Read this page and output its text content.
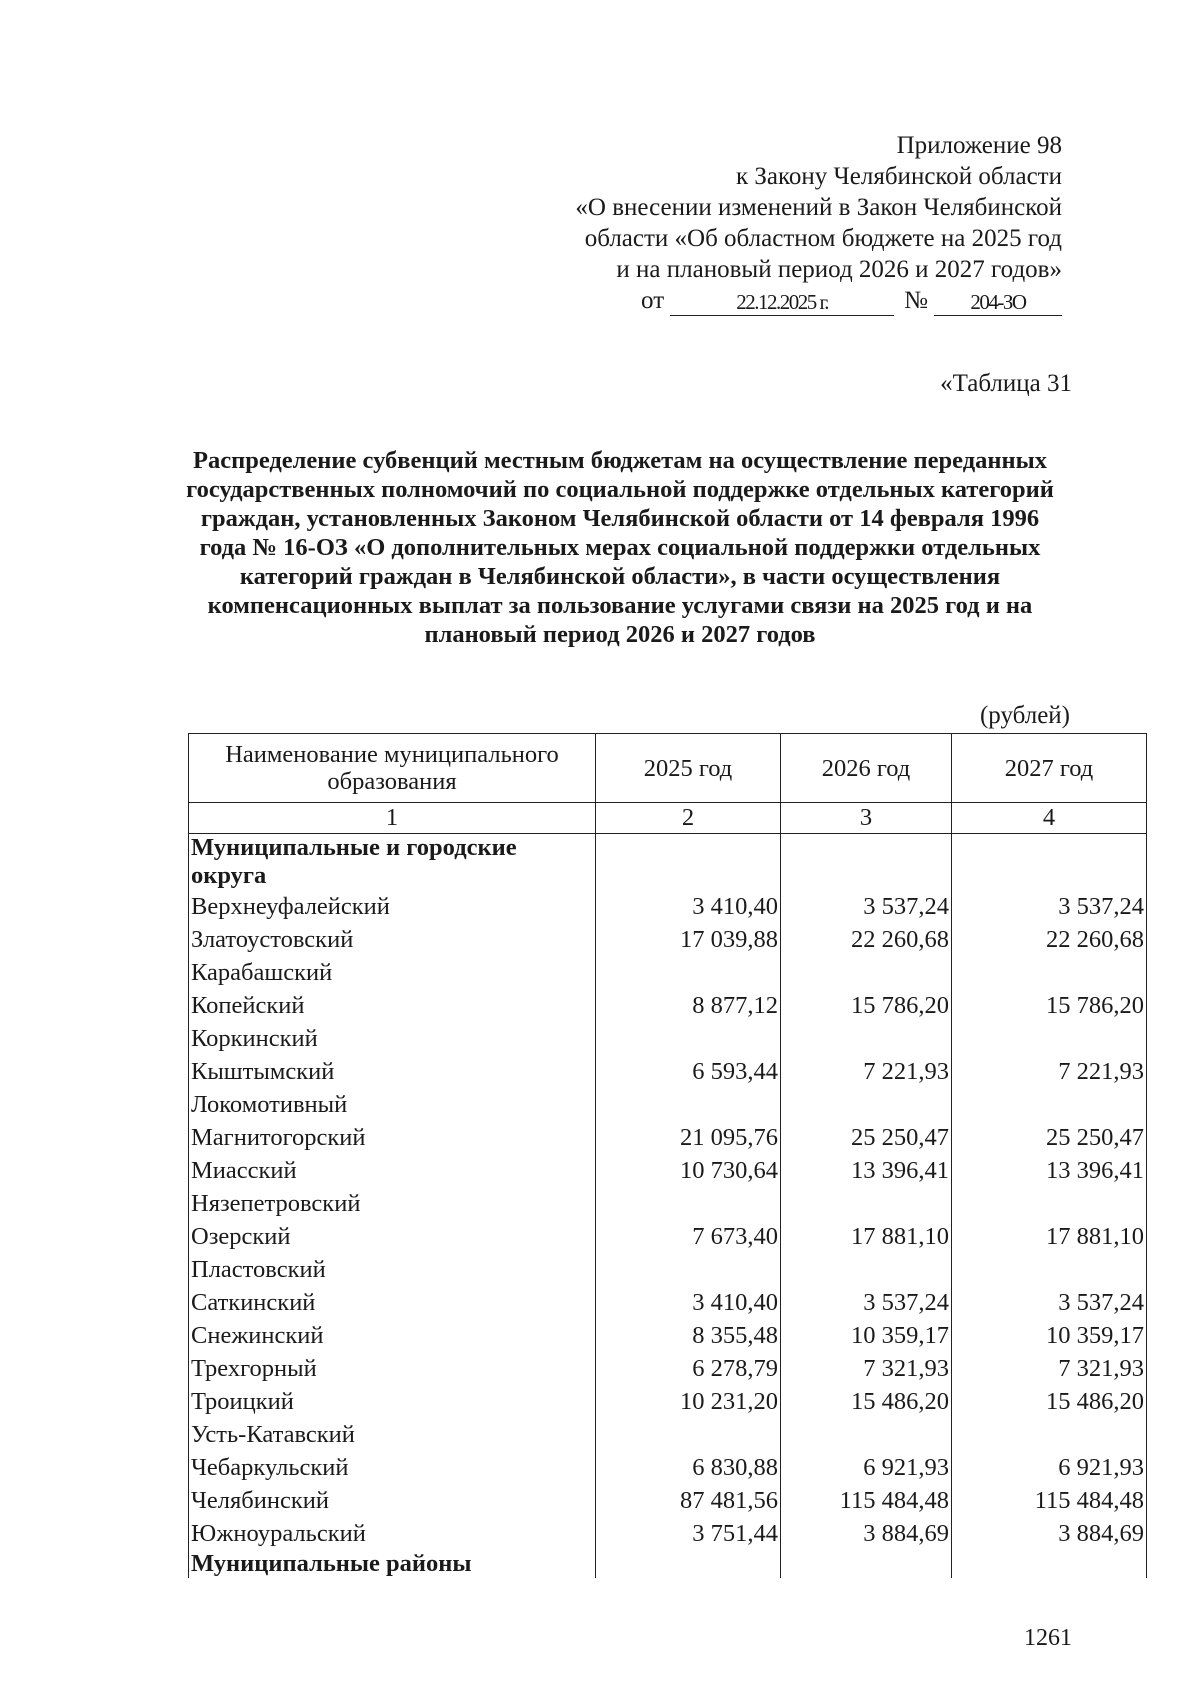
Приложение 98
к Закону Челябинской области
«О внесении изменений в Закон Челябинской
области «Об областном бюджете на 2025 год
и на плановый период 2026 и 2027 годов»
от	22.12.2025 г.	№	204-ЗО
«Таблица 31
Распределение субвенций местным бюджетам на осуществление переданных государственных полномочий по социальной поддержке отдельных категорий граждан, установленных Законом Челябинской области от 14 февраля 1996 года № 16-ОЗ «О дополнительных мерах социальной поддержки отдельных категорий граждан в Челябинской области», в части осуществления компенсационных выплат за пользование услугами связи на 2025 год и на плановый период 2026 и 2027 годов
(рублей)
Наименование муниципального образования	2025 год	2026 год	2027 год
1	2	3	4
Муниципальные и городские округа			
Верхнеуфалейский	3 410,40	3 537,24	3 537,24
Златоустовский	17 039,88	22 260,68	22 260,68
Карабашский			
Копейский	8 877,12	15 786,20	15 786,20
Коркинский			
Кыштымский	6 593,44	7 221,93	7 221,93
Локомотивный			
Магнитогорский	21 095,76	25 250,47	25 250,47
Миасский	10 730,64	13 396,41	13 396,41
Нязепетровский			
Озерский	7 673,40	17 881,10	17 881,10
Пластовский			
Саткинский	3 410,40	3 537,24	3 537,24
Снежинский	8 355,48	10 359,17	10 359,17
Трехгорный	6 278,79	7 321,93	7 321,93
Троицкий	10 231,20	15 486,20	15 486,20
Усть-Катавский			
Чебаркульский	6 830,88	6 921,93	6 921,93
Челябинский	87 481,56	115 484,48	115 484,48
Южноуральский	3 751,44	3 884,69	3 884,69
Муниципальные районы			
1261
